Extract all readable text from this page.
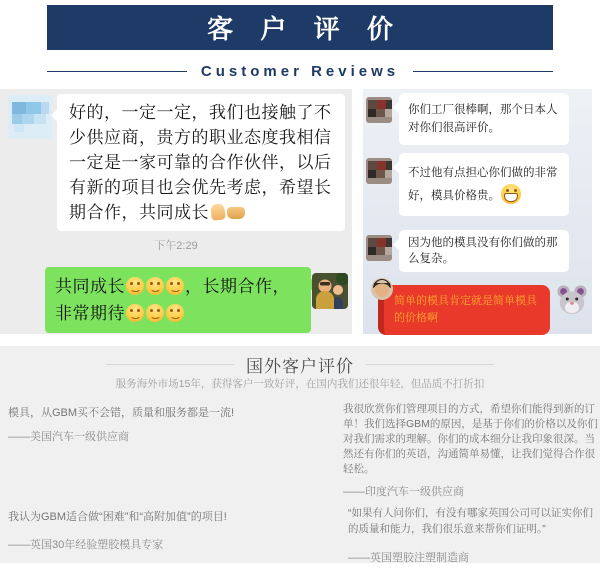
客 户 评 价
Customer Reviews
好的，一定一定，我们也接触了不少供应商，贵方的职业态度我相信一定是一家可靠的合作伙伴，以后有新的项目也会优先考虑，希望长期合作，共同成长
下午2:29
共同成长	，长期合作，非常期待
你们工厂很棒啊，那个日本人对你们很高评价。
不过他有点担心你们做的非常好，模具价格贵。
因为他的模具没有你们做的那么复杂。
简单的模具肯定就是简单模具的价格啊
国外客户评价
服务海外市场15年，获得客户一致好评，在国内我们还很年轻，但品质不打折扣
模具，从GBM买不会错，质量和服务都是一流!
——美国汽车一级供应商
我认为GBM适合做“困难”和“高附加值”的项目!
——英国30年经验塑胶模具专家
我很欣赏你们管理项目的方式，希望你们能得到新的订单！我们选择GBM的原因，是基于你们的价格以及你们对我们需求的理解。你们的成本细分让我印象很深。当然还有你们的英语，沟通简单易懂，让我们觉得合作很轻松。
——印度汽车一级供应商
“如果有人问你们，有没有哪家英国公司可以证实你们的质量和能力，我们很乐意来帮你们证明。”
——英国塑胶注塑制造商
